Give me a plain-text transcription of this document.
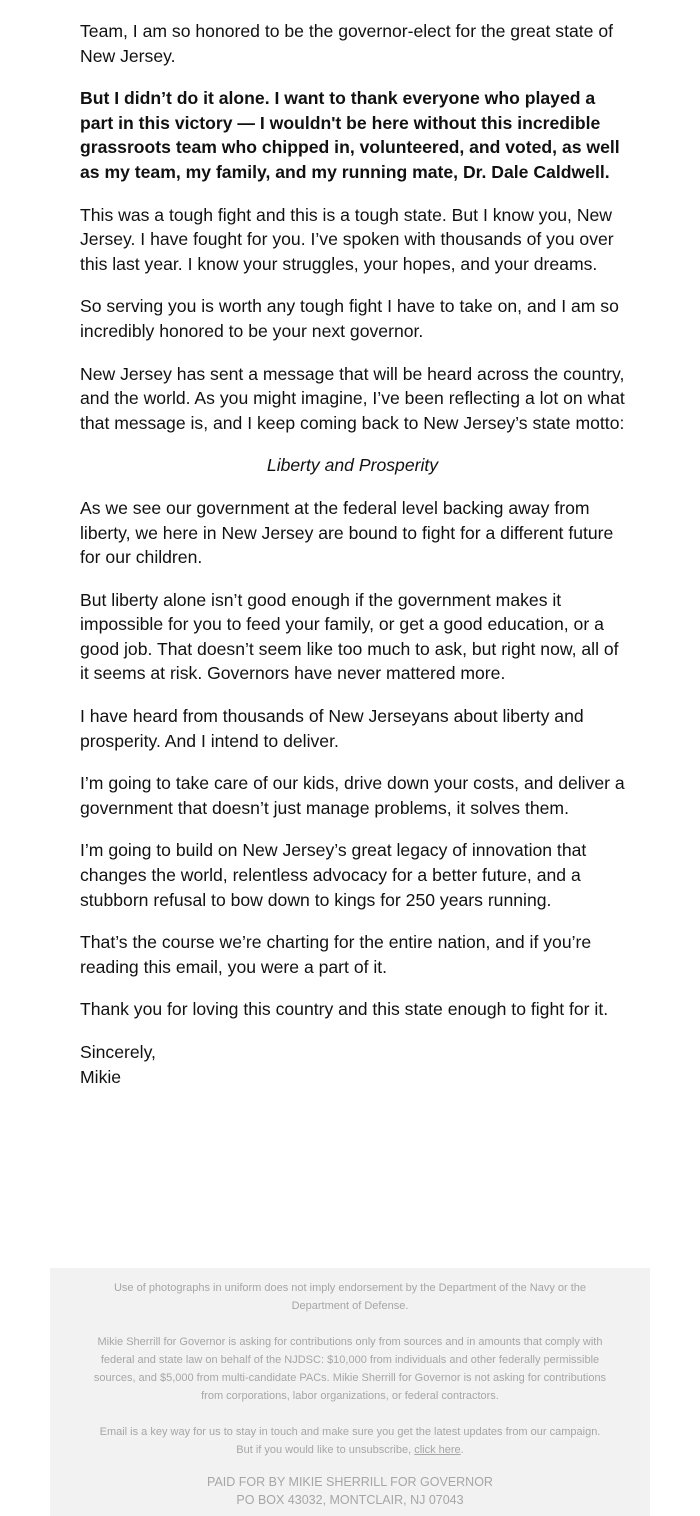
Team, I am so honored to be the governor-elect for the great state of New Jersey.

But I didn’t do it alone. I want to thank everyone who played a part in this victory — I wouldn't be here without this incredible grassroots team who chipped in, volunteered, and voted, as well as my team, my family, and my running mate, Dr. Dale Caldwell.

This was a tough fight and this is a tough state. But I know you, New Jersey. I have fought for you. I’ve spoken with thousands of you over this last year. I know your struggles, your hopes, and your dreams.

So serving you is worth any tough fight I have to take on, and I am so incredibly honored to be your next governor.

New Jersey has sent a message that will be heard across the country, and the world. As you might imagine, I’ve been reflecting a lot on what that message is, and I keep coming back to New Jersey’s state motto:

Liberty and Prosperity

As we see our government at the federal level backing away from liberty, we here in New Jersey are bound to fight for a different future for our children.

But liberty alone isn’t good enough if the government makes it impossible for you to feed your family, or get a good education, or a good job. That doesn’t seem like too much to ask, but right now, all of it seems at risk. Governors have never mattered more.

I have heard from thousands of New Jerseyans about liberty and prosperity. And I intend to deliver.

I’m going to take care of our kids, drive down your costs, and deliver a government that doesn’t just manage problems, it solves them.

I’m going to build on New Jersey’s great legacy of innovation that changes the world, relentless advocacy for a better future, and a stubborn refusal to bow down to kings for 250 years running.

That’s the course we’re charting for the entire nation, and if you’re reading this email, you were a part of it.

Thank you for loving this country and this state enough to fight for it.

Sincerely,

Mikie

Use of photographs in uniform does not imply endorsement by the Department of the Navy or the Department of Defense.

Mikie Sherrill for Governor is asking for contributions only from sources and in amounts that comply with federal and state law on behalf of the NJDSC: $10,000 from individuals and other federally permissible sources, and $5,000 from multi-candidate PACs. Mikie Sherrill for Governor is not asking for contributions from corporations, labor organizations, or federal contractors.

Email is a key way for us to stay in touch and make sure you get the latest updates from our campaign.

But if you would like to unsubscribe, click here.

PAID FOR BY MIKIE SHERRILL FOR GOVERNOR

PO BOX 43032, MONTCLAIR, NJ 07043
